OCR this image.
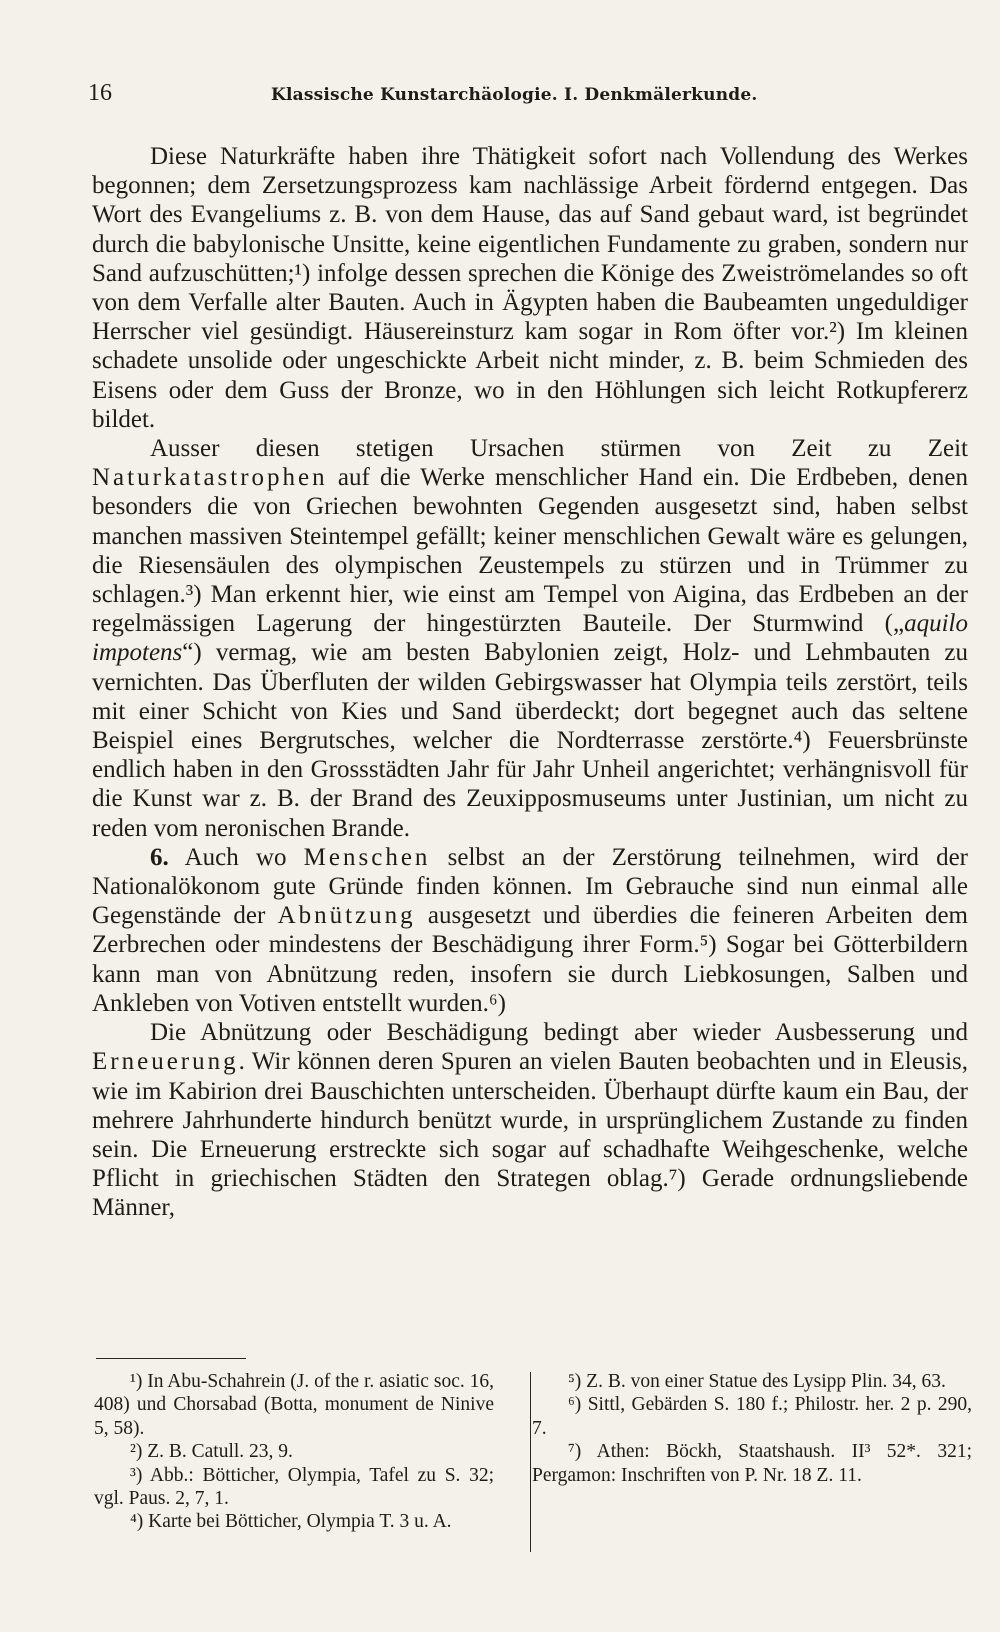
16	Klassische Kunstarchäologie. I. Denkmälerkunde.

Diese Naturkräfte haben ihre Thätigkeit sofort nach Vollendung des Werkes begonnen; dem Zersetzungsprozess kam nachlässige Arbeit fördernd entgegen. Das Wort des Evangeliums z. B. von dem Hause, das auf Sand gebaut ward, ist begründet durch die babylonische Unsitte, keine eigentlichen Fundamente zu graben, sondern nur Sand aufzuschütten;¹) infolge dessen sprechen die Könige des Zweiströmelandes so oft von dem Verfalle alter Bauten. Auch in Ägypten haben die Baubeamten ungeduldiger Herrscher viel gesündigt. Häusereinsturz kam sogar in Rom öfter vor.²) Im kleinen schadete unsolide oder ungeschickte Arbeit nicht minder, z. B. beim Schmieden des Eisens oder dem Guss der Bronze, wo in den Höhlungen sich leicht Rotkupfererz bildet.

Ausser diesen stetigen Ursachen stürmen von Zeit zu Zeit Naturkatastrophen auf die Werke menschlicher Hand ein. Die Erdbeben, denen besonders die von Griechen bewohnten Gegenden ausgesetzt sind, haben selbst manchen massiven Steintempel gefällt; keiner menschlichen Gewalt wäre es gelungen, die Riesensäulen des olympischen Zeustempels zu stürzen und in Trümmer zu schlagen.³) Man erkennt hier, wie einst am Tempel von Aigina, das Erdbeben an der regelmässigen Lagerung der hingestürzten Bauteile. Der Sturmwind („aquilo impotens“) vermag, wie am besten Babylonien zeigt, Holz- und Lehmbauten zu vernichten. Das Überfluten der wilden Gebirgswasser hat Olympia teils zerstört, teils mit einer Schicht von Kies und Sand überdeckt; dort begegnet auch das seltene Beispiel eines Bergrutsches, welcher die Nordterrasse zerstörte.⁴) Feuersbrünste endlich haben in den Grossstädten Jahr für Jahr Unheil angerichtet; verhängnisvoll für die Kunst war z. B. der Brand des Zeuxipposmuseums unter Justinian, um nicht zu reden vom neronischen Brande.

6. Auch wo Menschen selbst an der Zerstörung teilnehmen, wird der Nationalökonom gute Gründe finden können. Im Gebrauche sind nun einmal alle Gegenstände der Abnützung ausgesetzt und überdies die feineren Arbeiten dem Zerbrechen oder mindestens der Beschädigung ihrer Form.⁵) Sogar bei Götterbildern kann man von Abnützung reden, insofern sie durch Liebkosungen, Salben und Ankleben von Votiven entstellt wurden.⁶)

Die Abnützung oder Beschädigung bedingt aber wieder Ausbesserung und Erneuerung. Wir können deren Spuren an vielen Bauten beobachten und in Eleusis, wie im Kabirion drei Bauschichten unterscheiden. Überhaupt dürfte kaum ein Bau, der mehrere Jahrhunderte hindurch benützt wurde, in ursprünglichem Zustande zu finden sein. Die Erneuerung erstreckte sich sogar auf schadhafte Weihgeschenke, welche Pflicht in griechischen Städten den Strategen oblag.⁷) Gerade ordnungsliebende Männer,

¹) In Abu-Schahrein (J. of the r. asiatic soc. 16, 408) und Chorsabad (Botta, monument de Ninive 5, 58).

²) Z. B. Catull. 23, 9.

³) Abb.: Bötticher, Olympia, Tafel zu S. 32; vgl. Paus. 2, 7, 1.

⁴) Karte bei Bötticher, Olympia T. 3 u. A.

⁵) Z. B. von einer Statue des Lysipp Plin. 34, 63.

⁶) Sittl, Gebärden S. 180 f.; Philostr. her. 2 p. 290, 7.

⁷) Athen: Böckh, Staatshaush. II³ 52*. 321; Pergamon: Inschriften von P. Nr. 18 Z. 11.
